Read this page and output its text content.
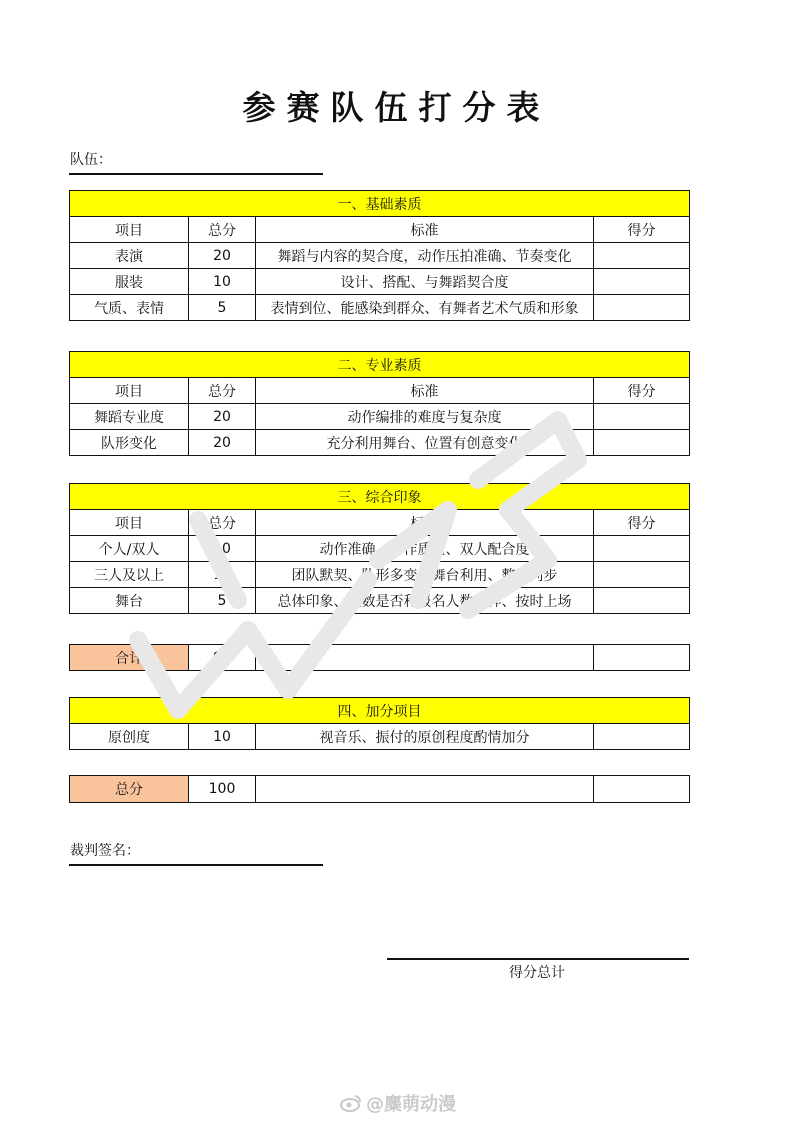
参赛队伍打分表
队伍：
一、基础素质			
项目	总分	标准	得分
表演	20	舞蹈与内容的契合度，动作压拍准确、节奏变化	
服装	10	设计、搭配、与舞蹈契合度	
气质、表情	5	表情到位、能感染到群众、有舞者艺术气质和形象	
二、专业素质			
项目	总分	标准	得分
舞蹈专业度	20	动作编排的难度与复杂度	
队形变化	20	充分利用舞台、位置有创意变化	
三、综合印象			
项目	总分	标准	得分
个人/双人	10	动作准确、动作质量、双人配合度	
三人及以上	10	团队默契、队形多变、舞台利用、整齐同步	
舞台	5	总体印象、人数是否和报名人数一样、按时上场	
合计	90		
四、加分项目
原创度	10	视音乐、振付的原创程度酌情加分	
总分	100		
裁判签名：
得分总计
@麋萌动漫
